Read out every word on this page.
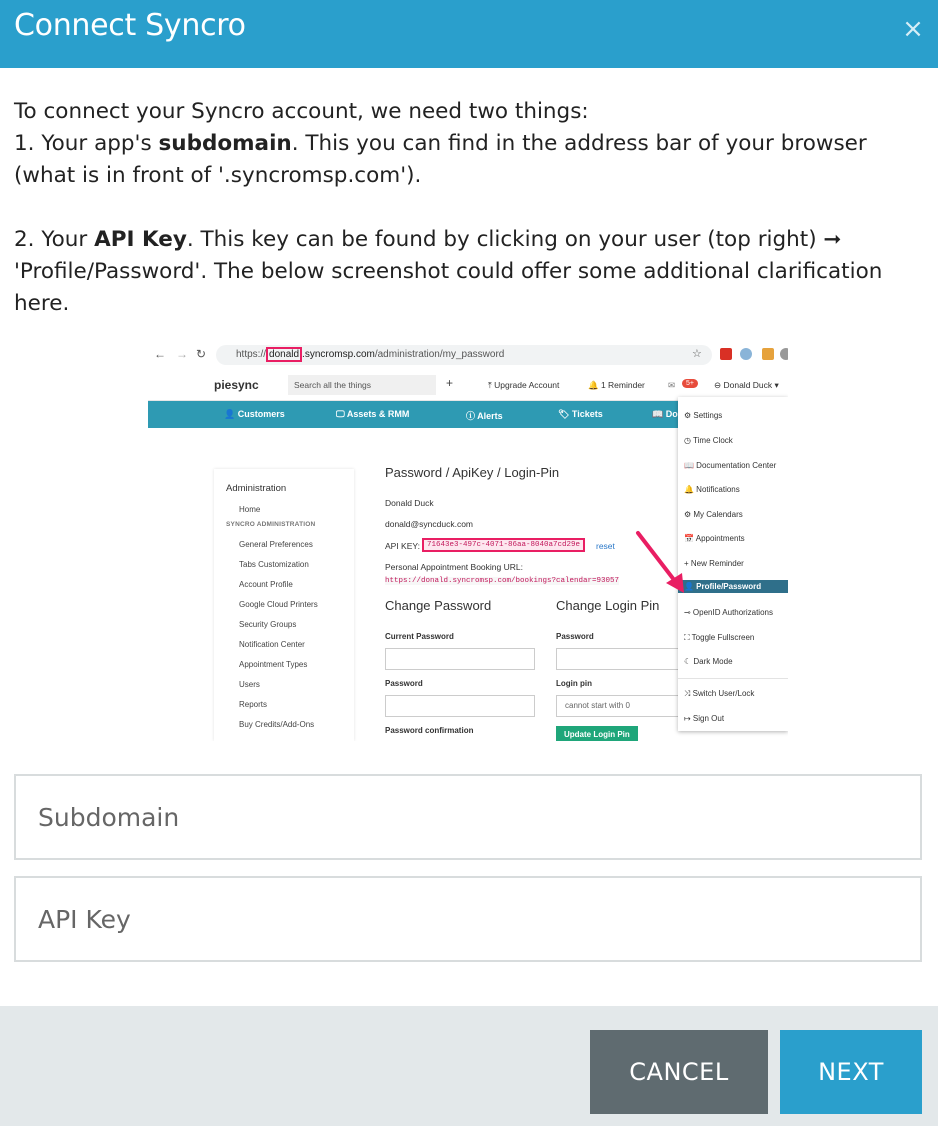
Connect Syncro	×

To connect your Syncro account, we need two things:

1. Your app's subdomain. This you can find in the address bar of your browser (what is in front of '.syncromsp.com').

2. Your API Key. This key can be found by clicking on your user (top right) ➞ 'Profile/Password'. The below screenshot could offer some additional clarification here.

← → ↻	https:// donald .syncromsp.com/administration/my_password	☆
piesync	Search all the things	+	⤒ Upgrade Account	🔔 1 Reminder	✉	5+	⊖ Donald Duck ▾
👤 Customers	🖵 Assets & RMM	ⓘ Alerts	🏷 Tickets	📖 Do
Administration
Home
SYNCRO ADMINISTRATION
General Preferences
Tabs Customization
Account Profile
Google Cloud Printers
Security Groups
Notification Center
Appointment Types
Users
Reports
Buy Credits/Add-Ons
Password / ApiKey / Login-Pin
Donald Duck
donald@syncduck.com
API KEY: 71643e3-497c-4071-86aa-8040a7cd29e	reset
Personal Appointment Booking URL:
https://donald.syncromsp.com/bookings?calendar=93057
Change Password	Change Login Pin
Current Password	Password
Password	Login pin
cannot start with 0
Password confirmation	Update Login Pin
⚙ Settings
◷ Time Clock
📖 Documentation Center
🔔 Notifications
⚙ My Calendars
📅 Appointments
+ New Reminder
👤 Profile/Password
⊸ OpenID Authorizations
⛶ Toggle Fullscreen
☾ Dark Mode
⤨ Switch User/Lock
↦ Sign Out
Subdomain
API Key
CANCEL	NEXT
